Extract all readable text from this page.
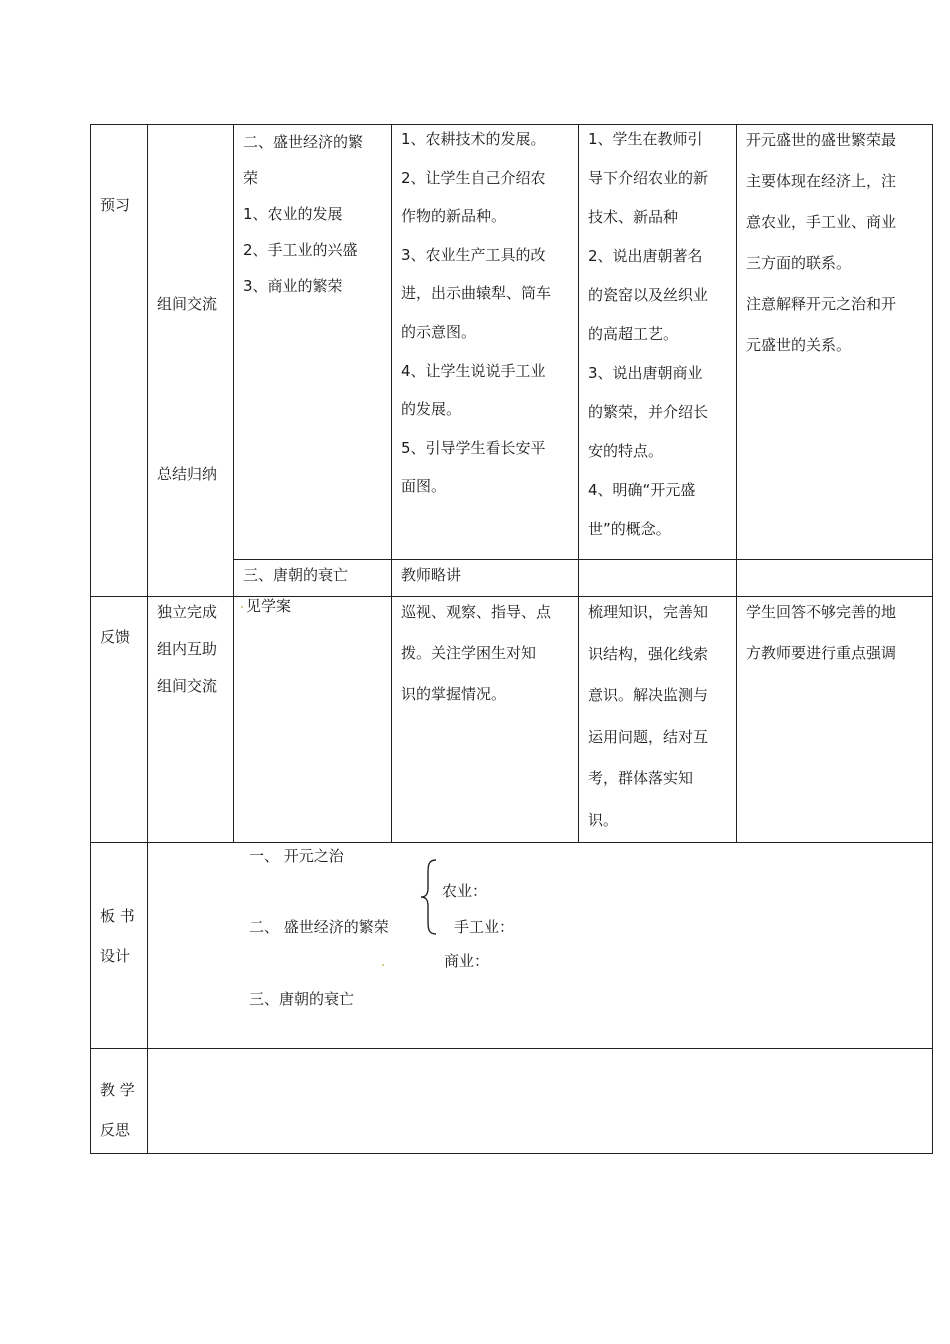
预习
组间交流
总结归纳

二、盛世经济的繁

荣

1、农业的发展

2、手工业的兴盛

3、商业的繁荣

1、农耕技术的发展。

2、让学生自己介绍农

作物的新品种。

3、农业生产工具的改

进，出示曲辕犁、筒车

的示意图。

4、让学生说说手工业

的发展。

5、引导学生看长安平

面图。

1、学生在教师引

导下介绍农业的新

技术、新品种

2、说出唐朝著名

的瓷窑以及丝织业

的高超工艺。

3、说出唐朝商业

的繁荣，并介绍长

安的特点。

4、明确“开元盛

世”的概念。

开元盛世的盛世繁荣最

主要体现在经济上，注

意农业，手工业、商业

三方面的联系。

注意解释开元之治和开

元盛世的关系。

三、唐朝的衰亡	教师略讲
反馈

独立完成

组内互助

组间交流

见学案	巡视、观察、指导、点

拨。关注学困生对知

识的掌握情况。

梳理知识，完善知

识结构，强化线索

意识。解决监测与

运用问题，结对互

考，群体落实知

识。

学生回答不够完善的地

方教师要进行重点强调

板 书

设计

一、 开元之治
二、 盛世经济的繁荣
三、唐朝的衰亡
农业：
手工业：
商业：

教 学

反思
